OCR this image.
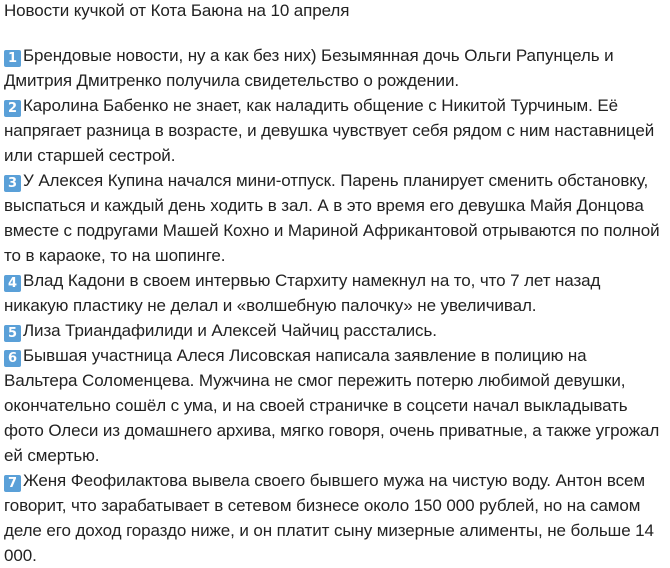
Новости кучкой от Кота Баюна на 10 апреля

1 Брендовые новости, ну а как без них) Безымянная дочь Ольги Рапунцель и Дмитрия Дмитренко получила свидетельство о рождении.

2 Каролина Бабенко не знает, как наладить общение с Никитой Турчиным. Её напрягает разница в возрасте, и девушка чувствует себя рядом с ним наставницей или старшей сестрой.

3 У Алексея Купина начался мини-отпуск. Парень планирует сменить обстановку, выспаться и каждый день ходить в зал. А в это время его девушка Майя Донцова вместе с подругами Машей Кохно и Мариной Африкантовой отрываются по полной то в караоке, то на шопинге.

4 Влад Кадони в своем интервью Стархиту намекнул на то, что 7 лет назад никакую пластику не делал и «волшебную палочку» не увеличивал.

5 Лиза Триандафилиди и Алексей Чайчиц расстались.

6 Бывшая участница Алеся Лисовская написала заявление в полицию на Вальтера Соломенцева. Мужчина не смог пережить потерю любимой девушки, окончательно сошёл с ума, и на своей страничке в соцсети начал выкладывать фото Олеси из домашнего архива, мягко говоря, очень приватные, а также угрожал ей смертью.

7 Женя Феофилактова вывела своего бывшего мужа на чистую воду. Антон всем говорит, что зарабатывает в сетевом бизнесе около 150 000 рублей, но на самом деле его доход гораздо ниже, и он платит сыну мизерные алименты, не больше 14 000.
